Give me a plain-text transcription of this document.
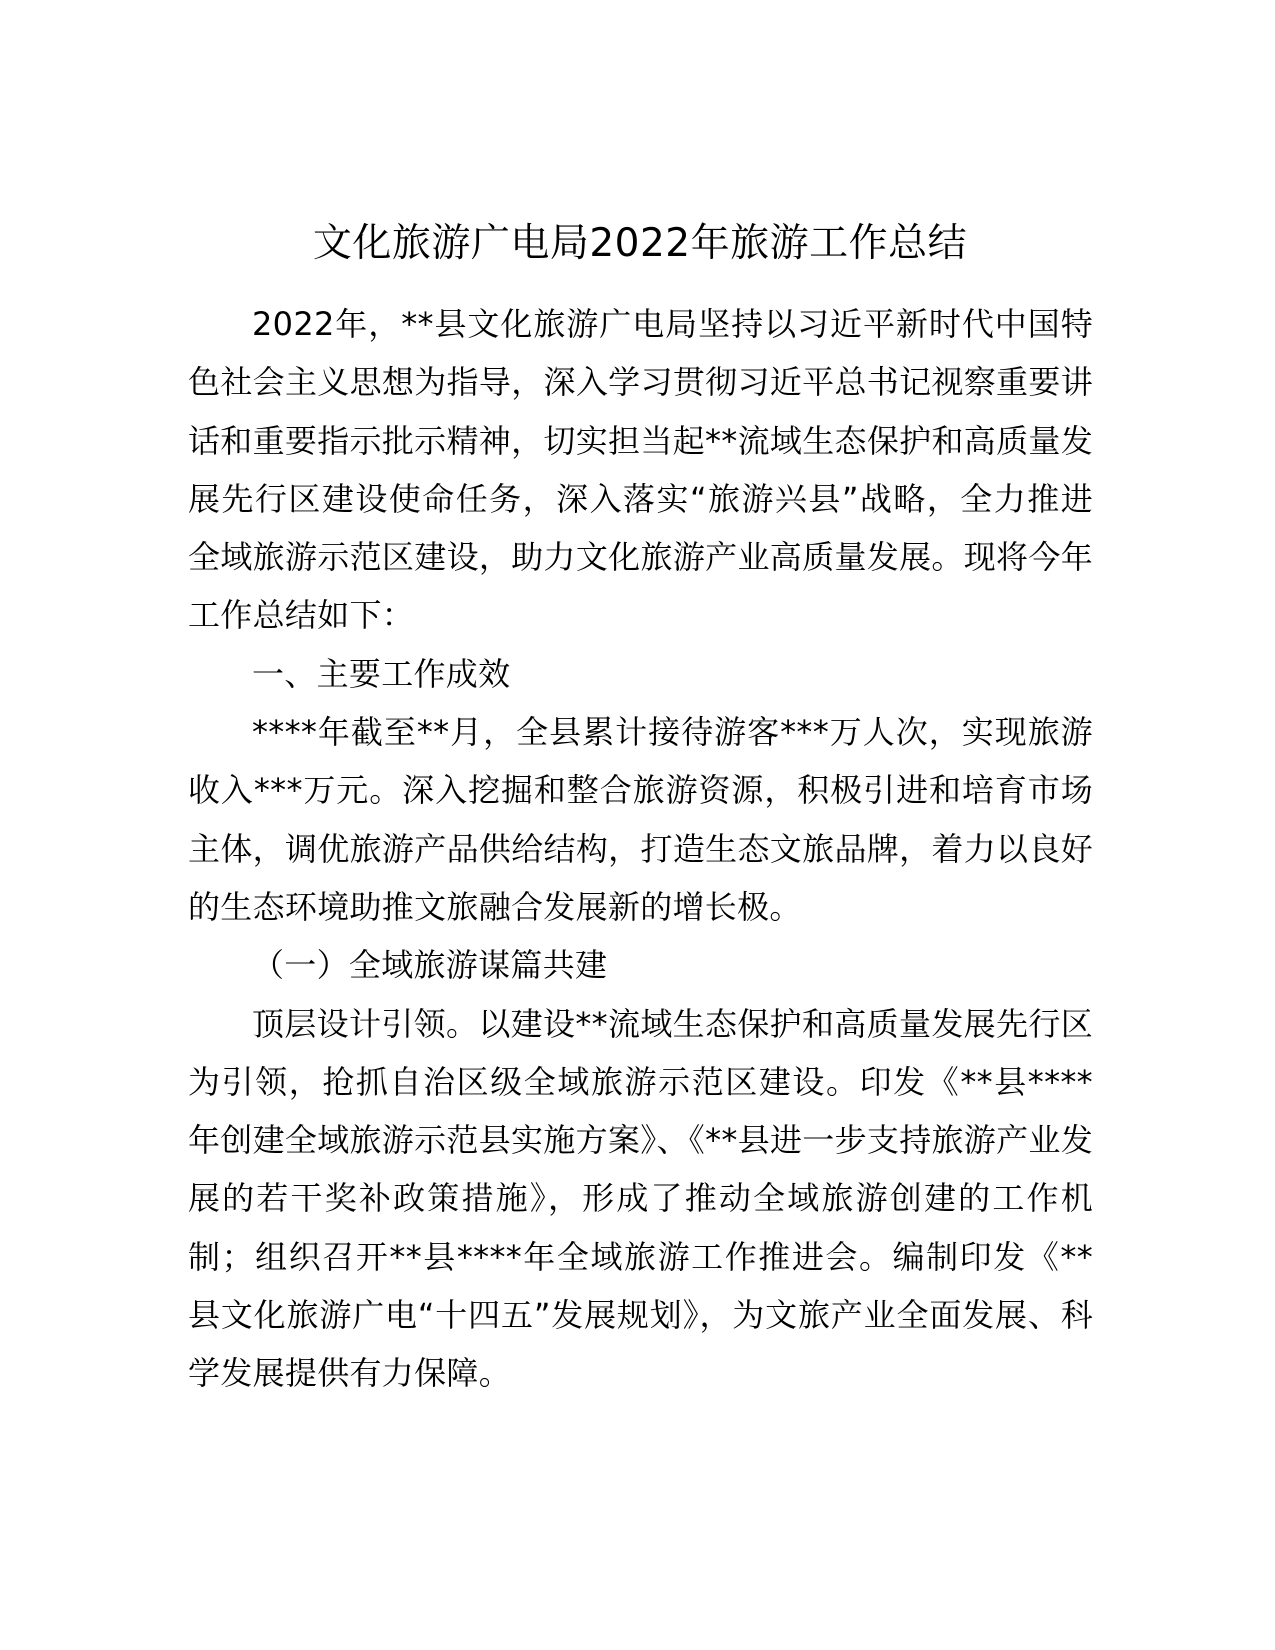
文化旅游广电局2022年旅游工作总结

2022年，**县文化旅游广电局坚持以习近平新时代中国特色社会主义思想为指导，深入学习贯彻习近平总书记视察重要讲话和重要指示批示精神，切实担当起**流域生态保护和高质量发展先行区建设使命任务，深入落实“旅游兴县”战略，全力推进全域旅游示范区建设，助力文化旅游产业高质量发展。现将今年工作总结如下：

一、主要工作成效

****年截至**月，全县累计接待游客***万人次，实现旅游收入***万元。深入挖掘和整合旅游资源，积极引进和培育市场主体，调优旅游产品供给结构，打造生态文旅品牌，着力以良好的生态环境助推文旅融合发展新的增长极。

（一）全域旅游谋篇共建

顶层设计引领。以建设**流域生态保护和高质量发展先行区为引领，抢抓自治区级全域旅游示范区建设。印发《**县****年创建全域旅游示范县实施方案》、《**县进一步支持旅游产业发展的若干奖补政策措施》，形成了推动全域旅游创建的工作机制；组织召开**县****年全域旅游工作推进会。编制印发《**县文化旅游广电“十四五”发展规划》，为文旅产业全面发展、科学发展提供有力保障。
